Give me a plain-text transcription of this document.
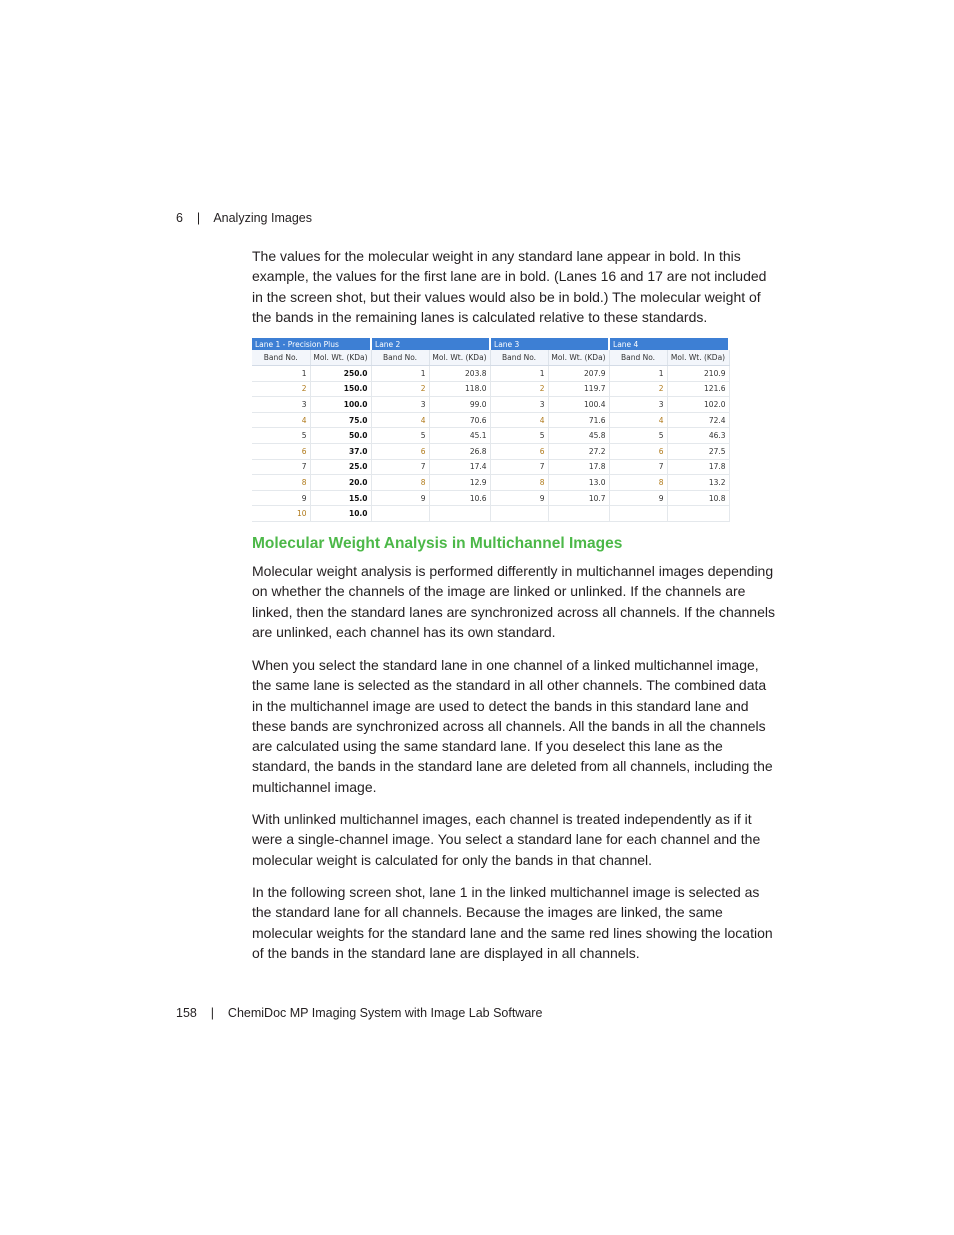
6 | Analyzing Images

The values for the molecular weight in any standard lane appear in bold. In this example, the values for the first lane are in bold. (Lanes 16 and 17 are not included in the screen shot, but their values would also be in bold.) The molecular weight of the bands in the remaining lanes is calculated relative to these standards.

Lane 1 - Precision Plus		Lane 2		Lane 3		Lane 4	
Band No.	Mol. Wt. (KDa)	Band No.	Mol. Wt. (KDa)	Band No.	Mol. Wt. (KDa)	Band No.	Mol. Wt. (KDa)
1	250.0	1	203.8	1	207.9	1	210.9
2	150.0	2	118.0	2	119.7	2	121.6
3	100.0	3	99.0	3	100.4	3	102.0
4	75.0	4	70.6	4	71.6	4	72.4
5	50.0	5	45.1	5	45.8	5	46.3
6	37.0	6	26.8	6	27.2	6	27.5
7	25.0	7	17.4	7	17.8	7	17.8
8	20.0	8	12.9	8	13.0	8	13.2
9	15.0	9	10.6	9	10.7	9	10.8
10	10.0						
Molecular Weight Analysis in Multichannel Images

Molecular weight analysis is performed differently in multichannel images depending on whether the channels of the image are linked or unlinked. If the channels are linked, then the standard lanes are synchronized across all channels. If the channels are unlinked, each channel has its own standard.

When you select the standard lane in one channel of a linked multichannel image, the same lane is selected as the standard in all other channels. The combined data in the multichannel image are used to detect the bands in this standard lane and these bands are synchronized across all channels. All the bands in all the channels are calculated using the same standard lane. If you deselect this lane as the standard, the bands in the standard lane are deleted from all channels, including the multichannel image.

With unlinked multichannel images, each channel is treated independently as if it were a single-channel image. You select a standard lane for each channel and the molecular weight is calculated for only the bands in that channel.

In the following screen shot, lane 1 in the linked multichannel image is selected as the standard lane for all channels. Because the images are linked, the same molecular weights for the standard lane and the same red lines showing the location of the bands in the standard lane are displayed in all channels.

158 | ChemiDoc MP Imaging System with Image Lab Software
